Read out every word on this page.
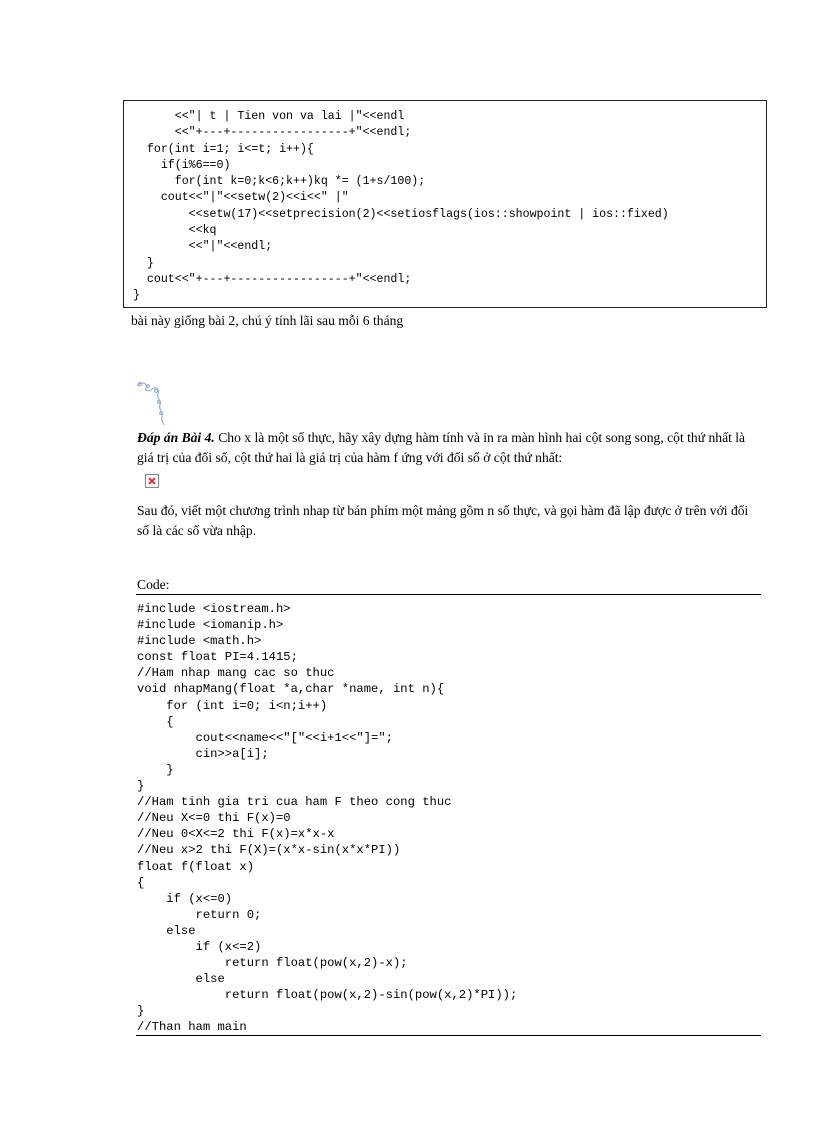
<<"| t | Tien von va lai |"<<endl
<<"+---+-----------------+"<<endl;
for(int i=1; i<=t; i++){
if(i%6==0)
for(int k=0;k<6;k++)kq *= (1+s/100);
cout<<"|"<<setw(2)<<i<<" |"
<<setw(17)<<setprecision(2)<<setiosflags(ios::showpoint | ios::fixed)
<<kq
<<"|"<<endl;
}
cout<<"+---+-----------------+"<<endl;
}
bài này giống bài 2, chú ý tính lãi sau mỗi 6 tháng
Đáp án Bài 4. Cho x là một số thực, hãy xây dựng hàm tính và in ra màn hình hai cột song song, cột thứ nhất là giá trị của đối số, cột thứ hai là giá trị của hàm f ứng với đối số ở cột thứ nhất:
Sau đó, viết một chương trình nhap từ bán phím một mảng gồm n số thực, và gọi hàm đã lập được ở trên với đối số là các số vừa nhập.
Code:
#include <iostream.h>
#include <iomanip.h>
#include <math.h>
const float PI=4.1415;
//Ham nhap mang cac so thuc
void nhapMang(float *a,char *name, int n){
for (int i=0; i<n;i++)
{
cout<<name<<"["<<i+1<<"]=";
cin>>a[i];
}
}
//Ham tinh gia tri cua ham F theo cong thuc
//Neu X<=0 thi F(x)=0
//Neu 0<X<=2 thi F(x)=x*x-x
//Neu x>2 thi F(X)=(x*x-sin(x*x*PI))
float f(float x)
{
if (x<=0)
return 0;
else
if (x<=2)
return float(pow(x,2)-x);
else
return float(pow(x,2)-sin(pow(x,2)*PI));
}
//Than ham main
